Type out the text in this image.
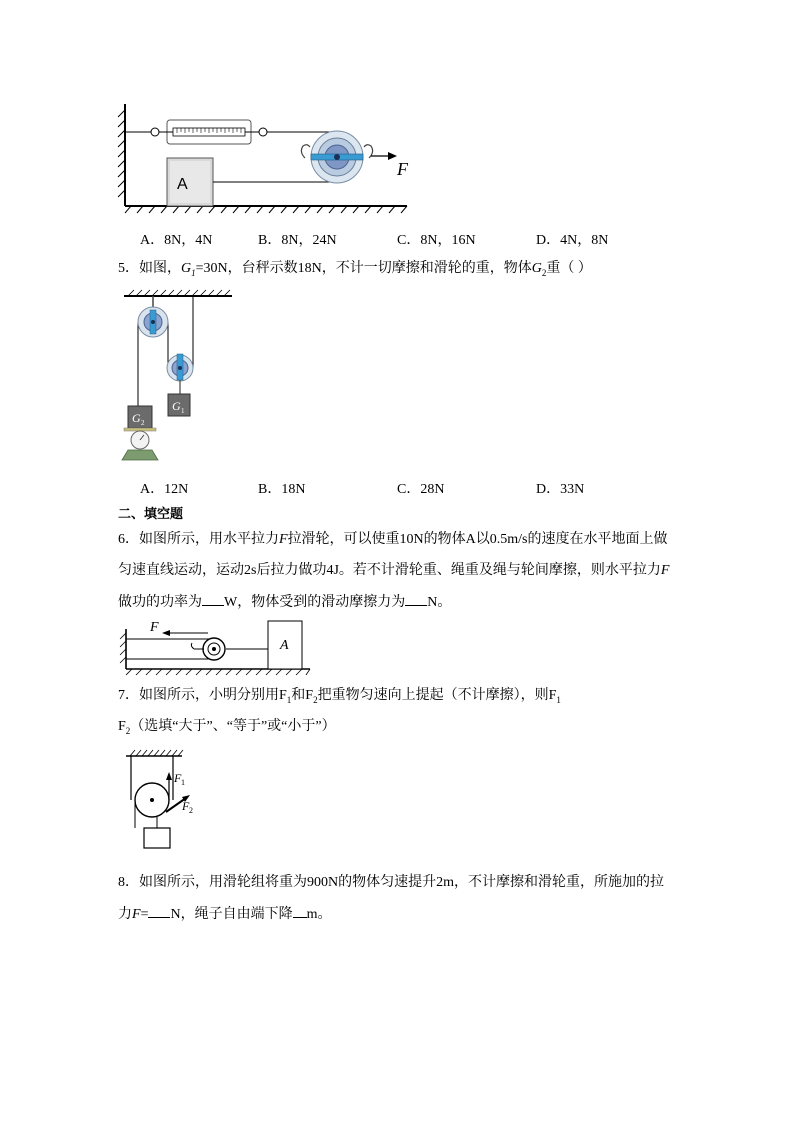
A
F
A．8N，4N	B．8N，24N	C．8N，16N	D．4N，8N
5．如图，$G_1=30N$，台秤示数18N，不计一切摩擦和滑轮的重，物体$G_2$重（ ）
G 1
G 2
A．12N	B．18N	C．28N	D．33N
二、填空题
6．如图所示，用水平拉力F拉滑轮，可以使重10N的物体A以0.5m/s的速度在水平地面上做
匀速直线运动，运动2s后拉力做功4J。若不计滑轮重、绳重及绳与轮间摩擦，则水平拉力F
做功的功率为 W，物体受到的滑动摩擦力为 N。
F
A
7．如图所示，小明分别用$F_1$和$F_2$把重物匀速向上提起（不计摩擦），则$F_1$
$F_2$（选填“大于”、“等于”或“小于”）
F 1
F 2
8．如图所示，用滑轮组将重为900N的物体匀速提升2m，不计摩擦和滑轮重，所施加的拉
力F= N，绳子自由端下降 m。
